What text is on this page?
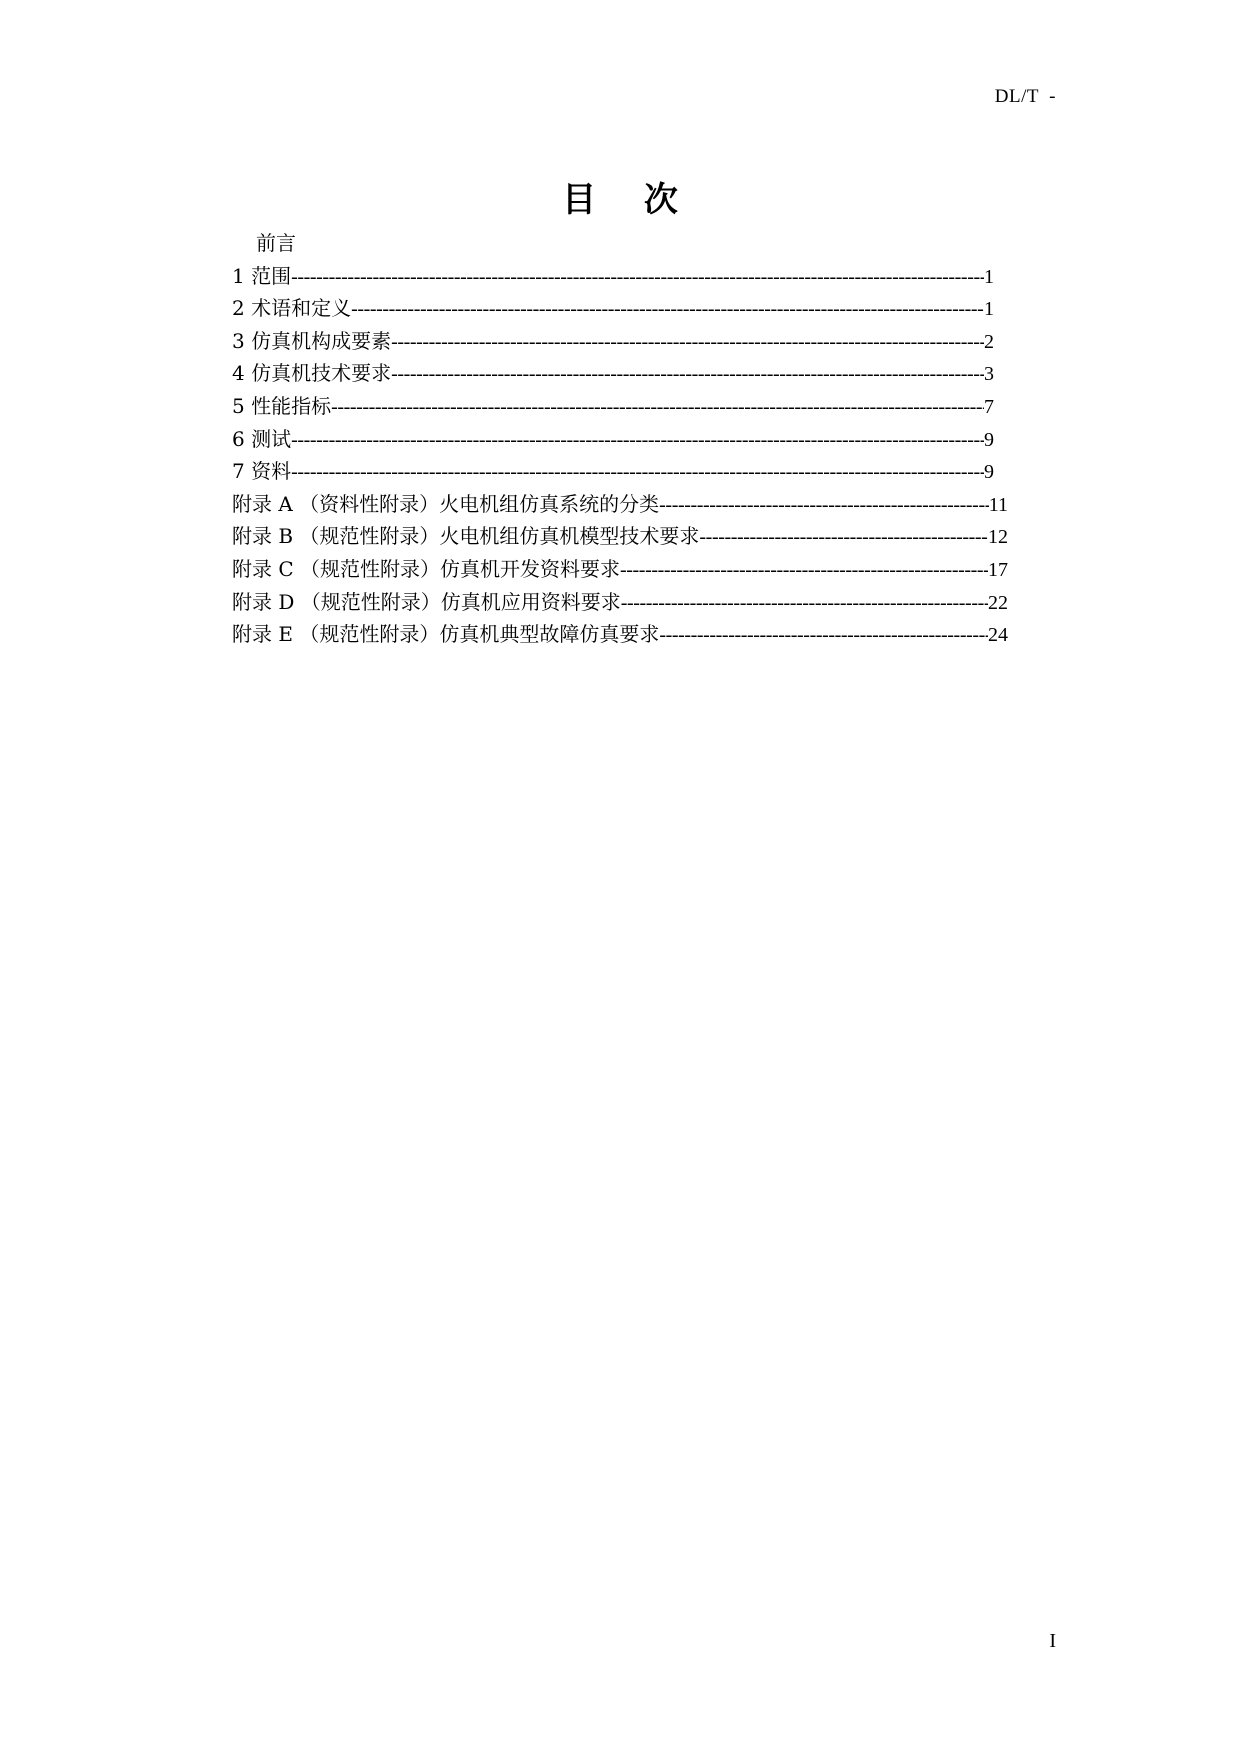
DL/T  -
目 次
前言
1 范围 -----	1
2 术语和定义 -----	1
3 仿真机构成要素 -----	2
4 仿真机技术要求 -----	3
5 性能指标 -----	7
6 测试 -----	9
7 资料 -----	9
附录 A （资料性附录）火电机组仿真系统的分类 -----	11
附录 B （规范性附录）火电机组仿真机模型技术要求 -----	12
附录 C （规范性附录）仿真机开发资料要求 -----	17
附录 D （规范性附录）仿真机应用资料要求 -----	22
附录 E （规范性附录）仿真机典型故障仿真要求 -----	24
I
